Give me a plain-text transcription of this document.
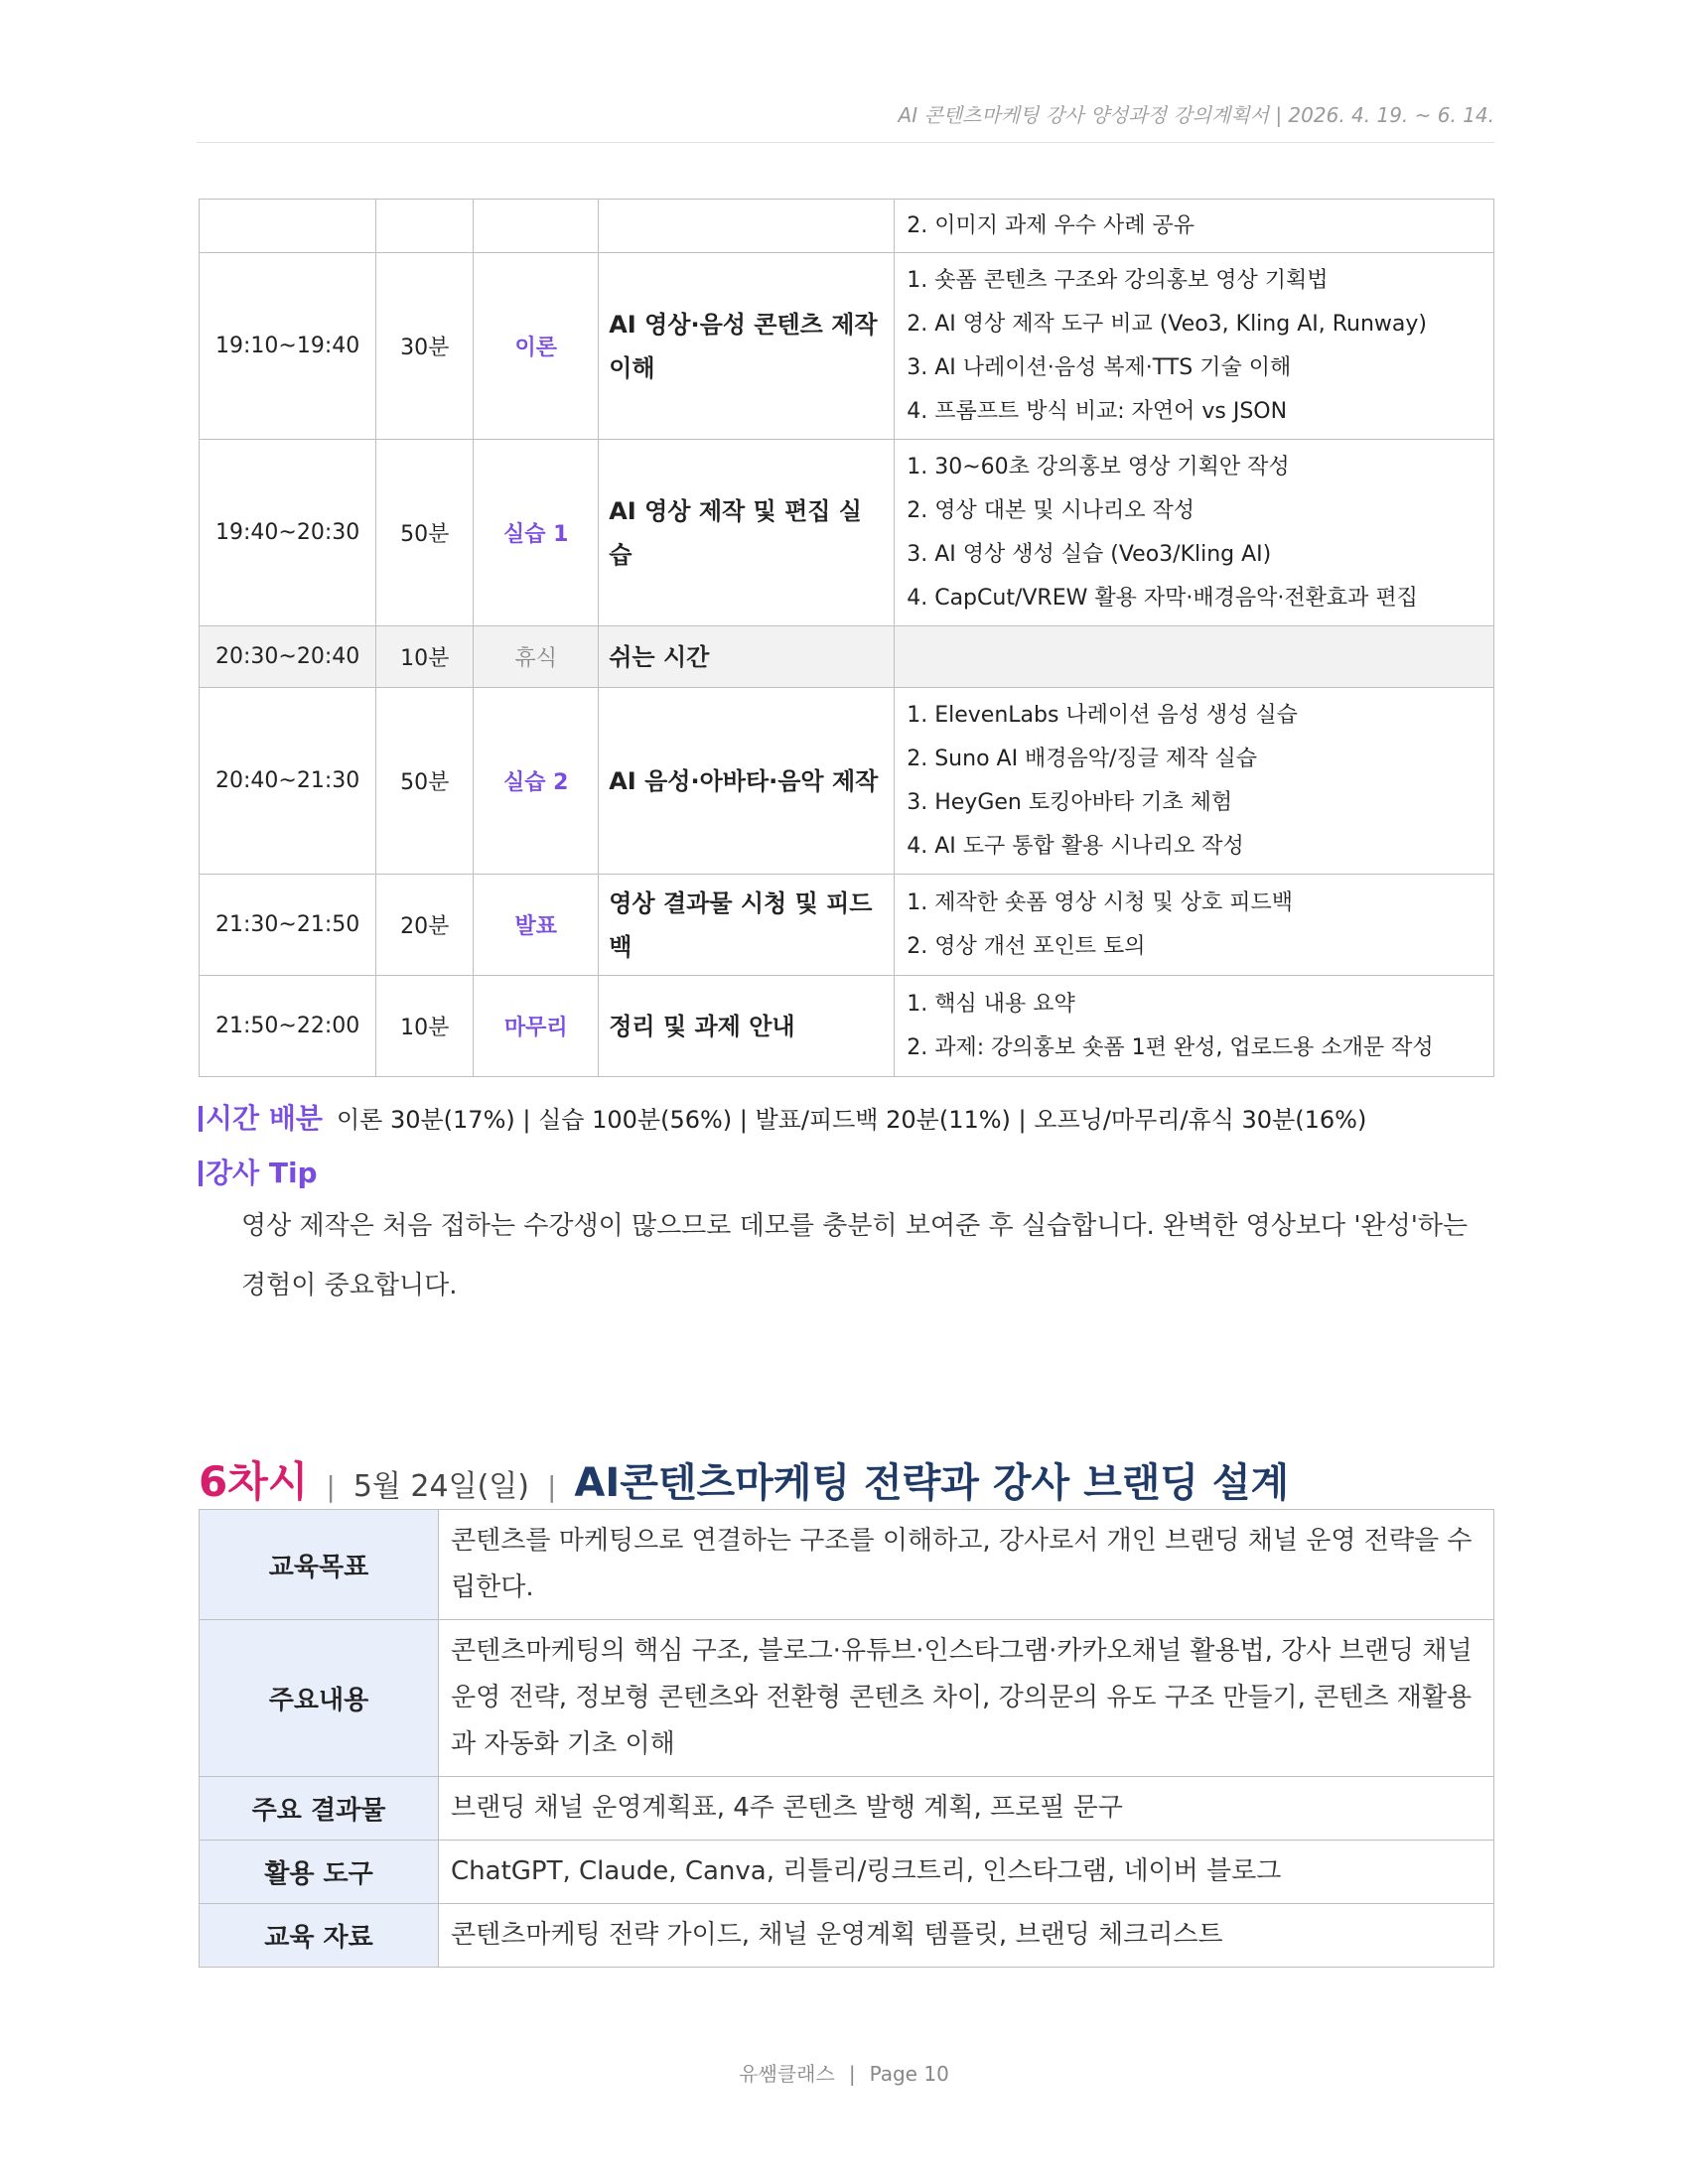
AI 콘텐츠마케팅 강사 양성과정 강의계획서 | 2026. 4. 19. ~ 6. 14.

				2. 이미지 과제 우수 사례 공유

19:10~19:40	30분	이론	AI 영상·음성 콘텐츠 제작 이해	1. 숏폼 콘텐츠 구조와 강의홍보 영상 기획법
2. AI 영상 제작 도구 비교 (Veo3, Kling AI, Runway)
3. AI 나레이션·음성 복제·TTS 기술 이해
4. 프롬프트 방식 비교: 자연어 vs JSON

19:40~20:30	50분	실습 1	AI 영상 제작 및 편집 실습	1. 30~60초 강의홍보 영상 기획안 작성
2. 영상 대본 및 시나리오 작성
3. AI 영상 생성 실습 (Veo3/Kling AI)
4. CapCut/VREW 활용 자막·배경음악·전환효과 편집

20:30~20:40	10분	휴식	쉬는 시간	
20:40~21:30	50분	실습 2	AI 음성·아바타·음악 제작	1. ElevenLabs 나레이션 음성 생성 실습
2. Suno AI 배경음악/징글 제작 실습
3. HeyGen 토킹아바타 기초 체험
4. AI 도구 통합 활용 시나리오 작성

21:30~21:50	20분	발표	영상 결과물 시청 및 피드백	1. 제작한 숏폼 영상 시청 및 상호 피드백
2. 영상 개선 포인트 토의

21:50~22:00	10분	마무리	정리 및 과제 안내	1. 핵심 내용 요약
2. 과제: 강의홍보 숏폼 1편 완성, 업로드용 소개문 작성
시간 배분 이론 30분(17%) | 실습 100분(56%) | 발표/피드백 20분(11%) | 오프닝/마무리/휴식 30분(16%)
강사 Tip
영상 제작은 처음 접하는 수강생이 많으므로 데모를 충분히 보여준 후 실습합니다. 완벽한 영상보다 '완성'하는 경험이 중요합니다.
6차시 | 5월 24일(일) | AI콘텐츠마케팅 전략과 강사 브랜딩 설계
교육목표	콘텐츠를 마케팅으로 연결하는 구조를 이해하고, 강사로서 개인 브랜딩 채널 운영 전략을 수립한다.
주요내용	콘텐츠마케팅의 핵심 구조, 블로그·유튜브·인스타그램·카카오채널 활용법, 강사 브랜딩 채널 운영 전략, 정보형 콘텐츠와 전환형 콘텐츠 차이, 강의문의 유도 구조 만들기, 콘텐츠 재활용과 자동화 기초 이해
주요 결과물	브랜딩 채널 운영계획표, 4주 콘텐츠 발행 계획, 프로필 문구
활용 도구	ChatGPT, Claude, Canva, 리틀리/링크트리, 인스타그램, 네이버 블로그
교육 자료	콘텐츠마케팅 전략 가이드, 채널 운영계획 템플릿, 브랜딩 체크리스트
유쌤클래스 | Page 10
